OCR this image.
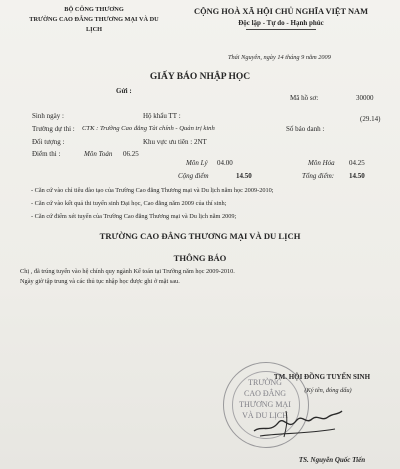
BỘ CÔNG THƯƠNG
TRƯỜNG CAO ĐẲNG THƯƠNG MẠI VÀ DU
LỊCH
CỘNG HOÀ XÃ HỘI CHỦ NGHĨA VIỆT NAM
Độc lập - Tự do - Hạnh phúc
Thái Nguyên, ngày 14 tháng 9 năm 2009
GIẤY BÁO NHẬP HỌC
Gửi :
Mã hồ sơ:	30000
Sinh ngày :	Hộ khẩu TT :	(29.14)
Trường dự thi : CTK : Trường Cao đẳng Tài chính - Quản trị kinh	Số báo danh :
Đối tượng :	Khu vực ưu tiên : 2NT
Điểm thi :	Môn Toán 06.25
Môn Lý 04.00	Môn Hóa 04.25
Cộng điểm	14.50	Tổng điểm: 14.50
- Căn cứ vào chỉ tiêu đào tạo của Trường Cao đẳng Thương mại và Du lịch năm học 2009-2010;
- Căn cứ vào kết quả thi tuyển sinh Đại học, Cao đẳng năm 2009 của thí sinh;
- Căn cứ điểm xét tuyển của Trường Cao đẳng Thương mại và Du lịch năm 2009;
TRƯỜNG CAO ĐẲNG THƯƠNG MẠI VÀ DU LỊCH
THÔNG BÁO
Chị , đã trúng tuyển vào hệ chính quy ngành Kế toán tại Trường năm học 2009-2010.
Ngày giờ tập trung và các thủ tục nhập học được ghi ở mặt sau.
TM. HỘI ĐỒNG TUYỂN SINH
(Ký tên, đóng dấu)
TRƯỜNG
CAO ĐẲNG
THƯƠNG MẠI
VÀ DU LỊCH
TS. Nguyễn Quốc Tiến
